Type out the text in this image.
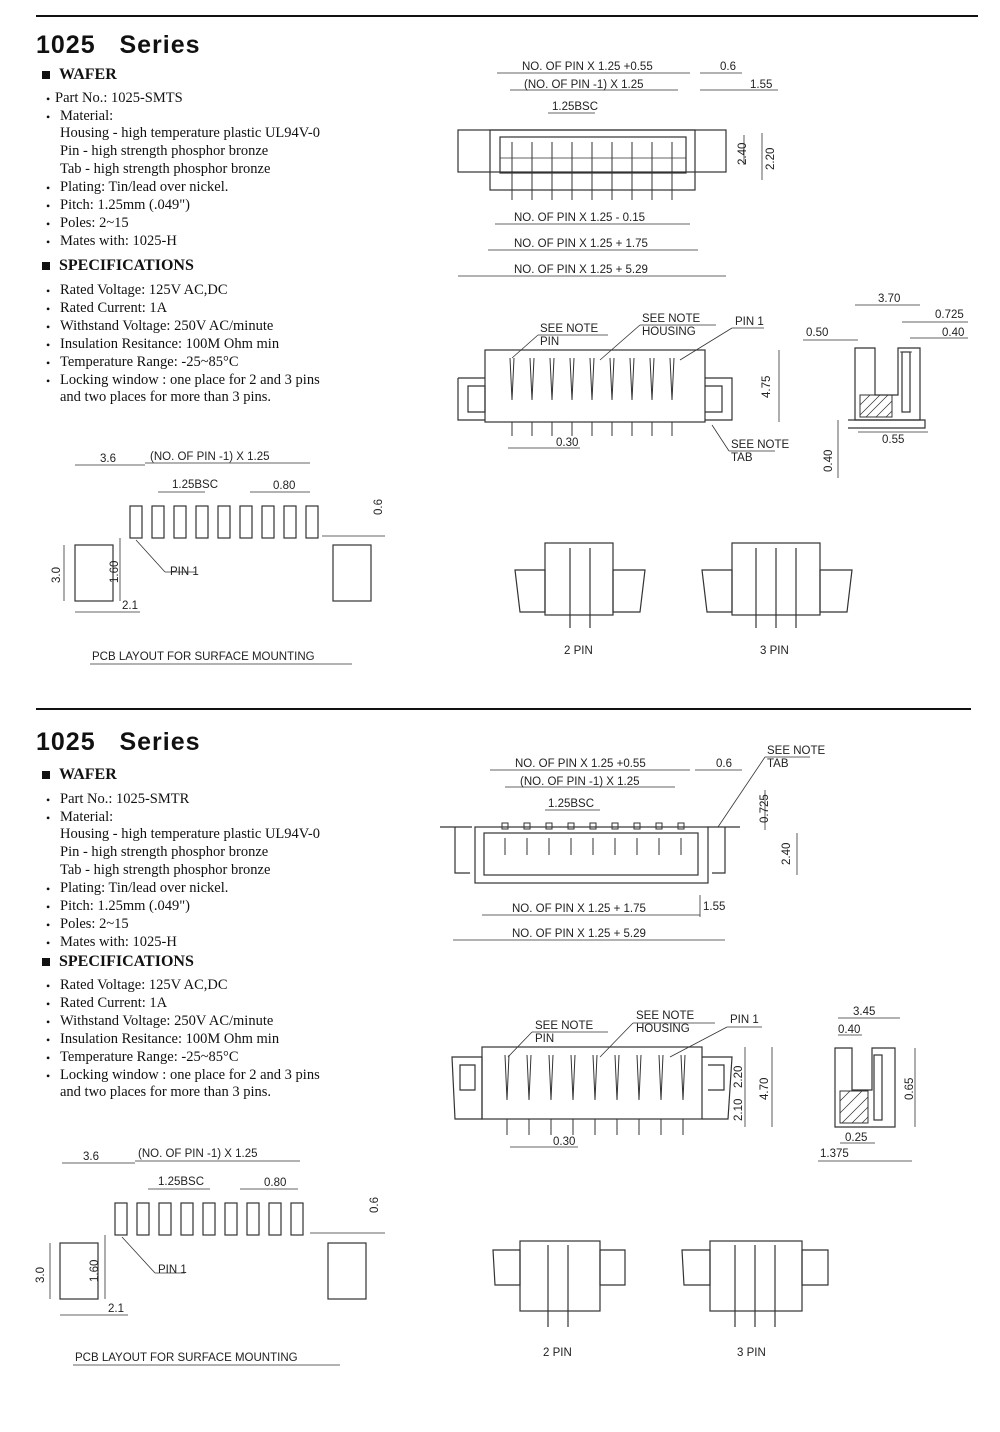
1025   Series
WAFER
• Part No.: 1025-SMTS
• Material:
Housing - high temperature plastic UL94V-0
Pin - high strength phosphor bronze
Tab - high strength phosphor bronze
• Plating: Tin/lead over nickel.
• Pitch: 1.25mm (.049")
• Poles: 2~15
• Mates with: 1025-H
SPECIFICATIONS
• Rated Voltage: 125V AC,DC
• Rated Current: 1A
• Withstand Voltage: 250V AC/minute
• Insulation Resitance: 100M Ohm min
• Temperature Range: -25~85°C
• Locking window : one place for 2 and 3 pins
and two places for more than 3 pins.
NO. OF PIN X 1.25 +0.55
(NO. OF PIN -1) X 1.25
1.25BSC
0.6
1.55
2.40 2.20
NO. OF PIN X 1.25 - 0.15
NO. OF PIN X 1.25 + 1.75
NO. OF PIN X 1.25 + 5.29
SEE NOTE
PIN
SEE NOTE
HOUSING
PIN 1
4.75
0.30	SEE NOTE
TAB
3.70
0.725
0.50	0.40
0.55
0.40
3.6	(NO. OF PIN -1) X 1.25
1.25BSC	0.80
0.6
3.0	1.60	PIN 1
2.1
PCB LAYOUT FOR SURFACE MOUNTING	2 PIN	3 PIN
1025   Series
WAFER
• Part No.: 1025-SMTR
• Material:
Housing - high temperature plastic UL94V-0
Pin - high strength phosphor bronze
Tab - high strength phosphor bronze
• Plating: Tin/lead over nickel.
• Pitch: 1.25mm (.049")
• Poles: 2~15
• Mates with: 1025-H
SPECIFICATIONS
• Rated Voltage: 125V AC,DC
• Rated Current: 1A
• Withstand Voltage: 250V AC/minute
• Insulation Resitance: 100M Ohm min
• Temperature Range: -25~85°C
• Locking window : one place for 2 and 3 pins
and two places for more than 3 pins.
NO. OF PIN X 1.25 +0.55
(NO. OF PIN -1) X 1.25
1.25BSC
0.6
SEE NOTE
TAB
0.725
2.40
NO. OF PIN X 1.25 + 1.75	1.55
NO. OF PIN X 1.25 + 5.29
SEE NOTE
PIN
SEE NOTE
HOUSING
PIN 1
2.20
4.70
2.10
0.30
3.45
0.40
0.65
0.25
1.375
3.6	(NO. OF PIN -1) X 1.25
1.25BSC	0.80
0.6
3.0	1.60	PIN 1
2.1
PCB LAYOUT FOR SURFACE MOUNTING	2 PIN	3 PIN
